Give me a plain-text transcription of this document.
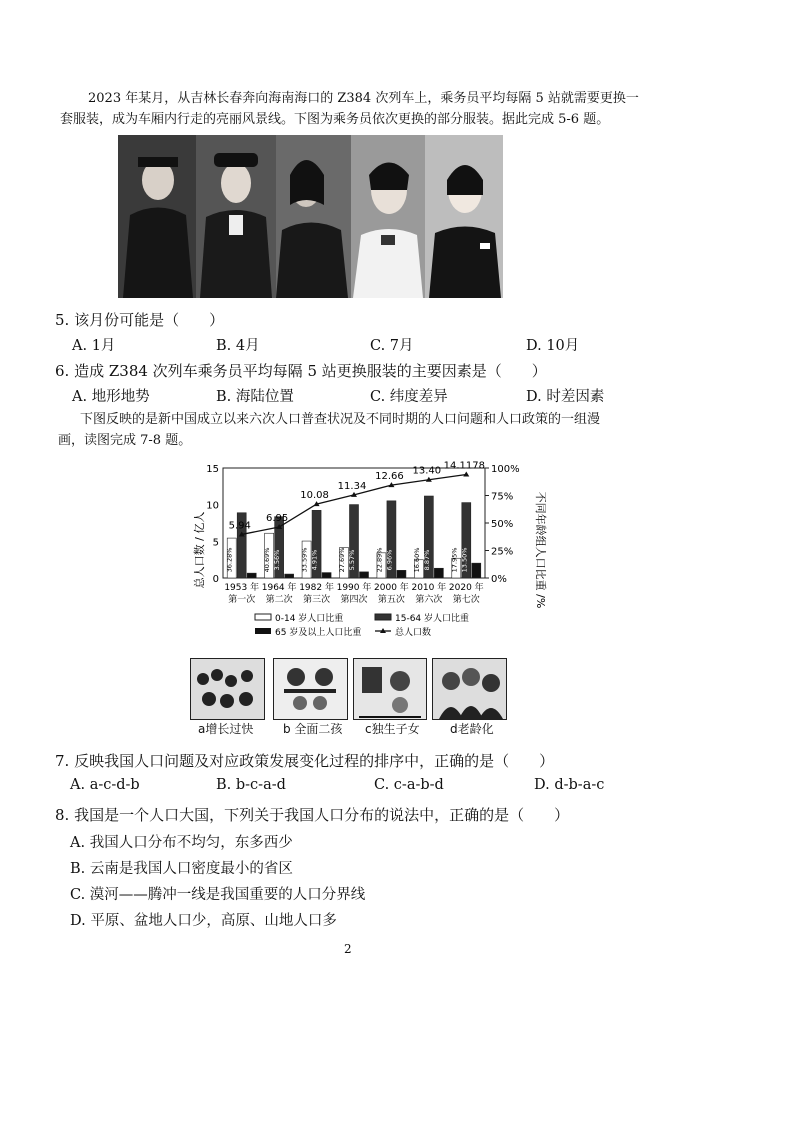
2023 年某月，从吉林长春奔向海南海口的 Z384 次列车上，乘务员平均每隔 5 站就需要更换一
套服装，成为车厢内行走的亮丽风景线。下图为乘务员依次更换的部分服装。据此完成 5-6 题。
5. 该月份可能是（　　）
A. 1月	B. 4月	C. 7月	D. 10月
6. 造成 Z384 次列车乘务员平均每隔 5 站更换服装的主要因素是（　　）
A. 地形地势	B. 海陆位置	C. 纬度差异	D. 时差因素
下图反映的是新中国成立以来六次人口普查状况及不同时期的人口问题和人口政策的一组漫
画，读图完成 7-8 题。
0
5
10
15
0%
25%
50%
75%
100%
36.28% 4.41%
1953 年
第一次
40.69% 3.56%
1964 年
第二次
33.59% 4.91%
1982 年
第三次
27.69% 5.57%
1990 年
第四次
22.89% 6.96%
2000 年
第五次
16.60% 8.87%
2010 年
第六次
17.95% 13.50%
2020 年
第七次
5.94
6.95
10.08
11.34
12.66 13.40 14.1178
0-14 岁人口比重	15-64 岁人口比重
65 岁及以上人口比重	总人口数
总人口数 / 亿人	不同年龄组人口比重 /%
a增长过快 b 全面二孩 c独生子女	d老龄化
7. 反映我国人口问题及对应政策发展变化过程的排序中，正确的是（　　）
A. a-c-d-b	B. b-c-a-d	C. c-a-b-d	D. d-b-a-c
8. 我国是一个人口大国，下列关于我国人口分布的说法中，正确的是（　　）
A. 我国人口分布不均匀，东多西少
B. 云南是我国人口密度最小的省区
C. 漠河——腾冲一线是我国重要的人口分界线
D. 平原、盆地人口少，高原、山地人口多
2
